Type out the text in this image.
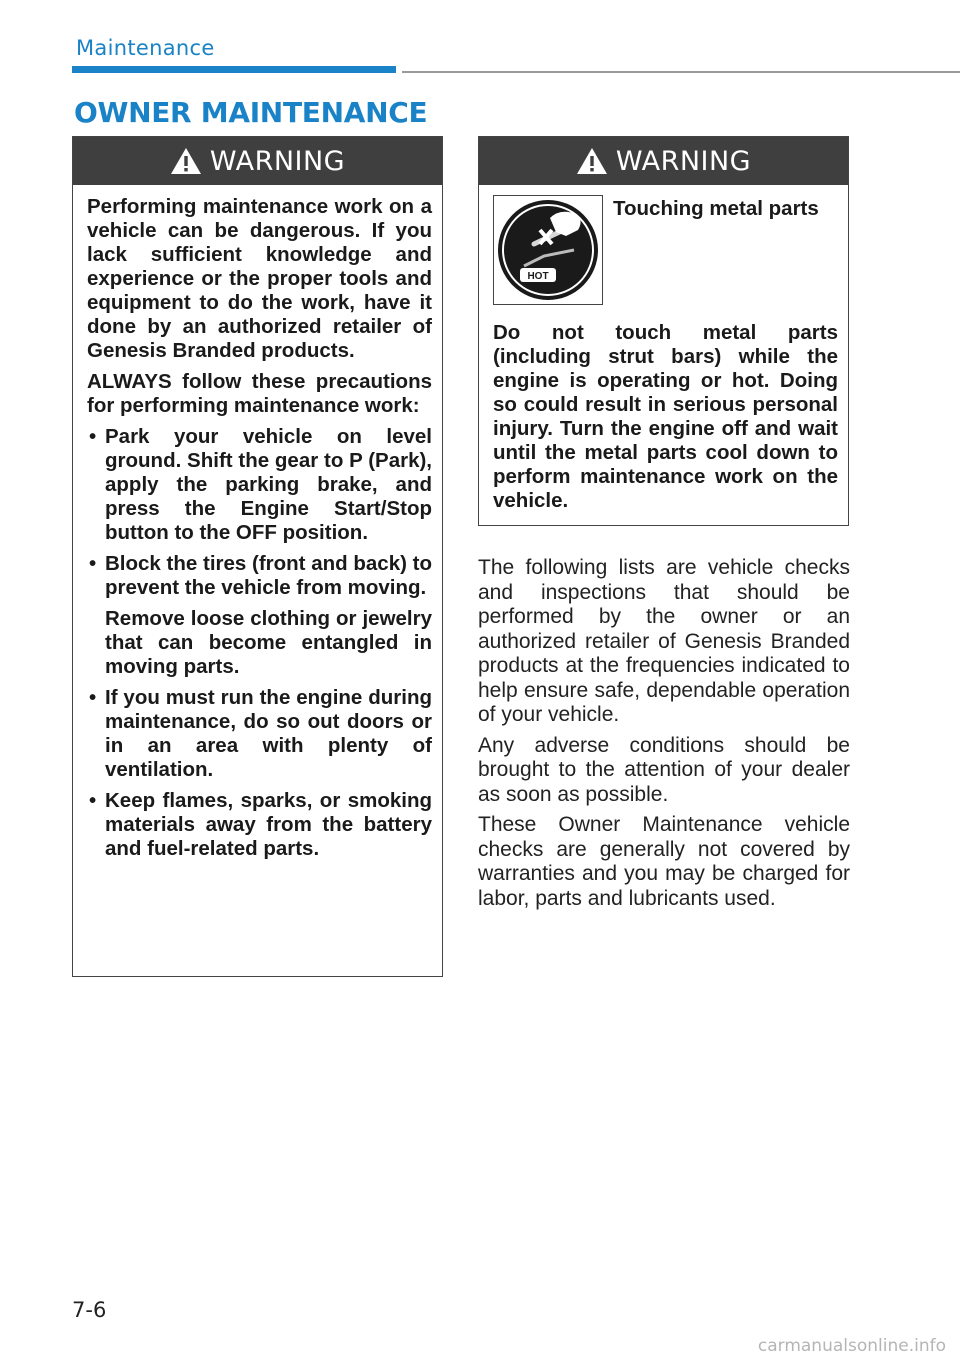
Maintenance
OWNER MAINTENANCE
WARNING

Performing maintenance work on a vehicle can be dangerous. If you lack sufficient knowledge and experience or the proper tools and equipment to do the work, have it done by an authorized retailer of Genesis Branded products.

ALWAYS follow these precautions for performing maintenance work:

• Park your vehicle on level ground. Shift the gear to P (Park), apply the parking brake, and press the Engine Start/Stop button to the OFF position.
• Block the tires (front and back) to prevent the vehicle from moving.
Remove loose clothing or jewelry that can become entangled in moving parts.
• If you must run the engine during maintenance, do so out doors or in an area with plenty of ventilation.
• Keep flames, sparks, or smoking materials away from the battery and fuel-related parts.
WARNING
HOT
Touching metal parts

Do not touch metal parts (including strut bars) while the engine is operating or hot. Doing so could result in serious personal injury. Turn the engine off and wait until the metal parts cool down to perform maintenance work on the vehicle.

The following lists are vehicle checks and inspections that should be performed by the owner or an authorized retailer of Genesis Branded products at the frequencies indicated to help ensure safe, dependable operation of your vehicle.

Any adverse conditions should be brought to the attention of your dealer as soon as possible.

These Owner Maintenance vehicle checks are generally not covered by warranties and you may be charged for labor, parts and lubricants used.

7-6
carmanualsonline.info
